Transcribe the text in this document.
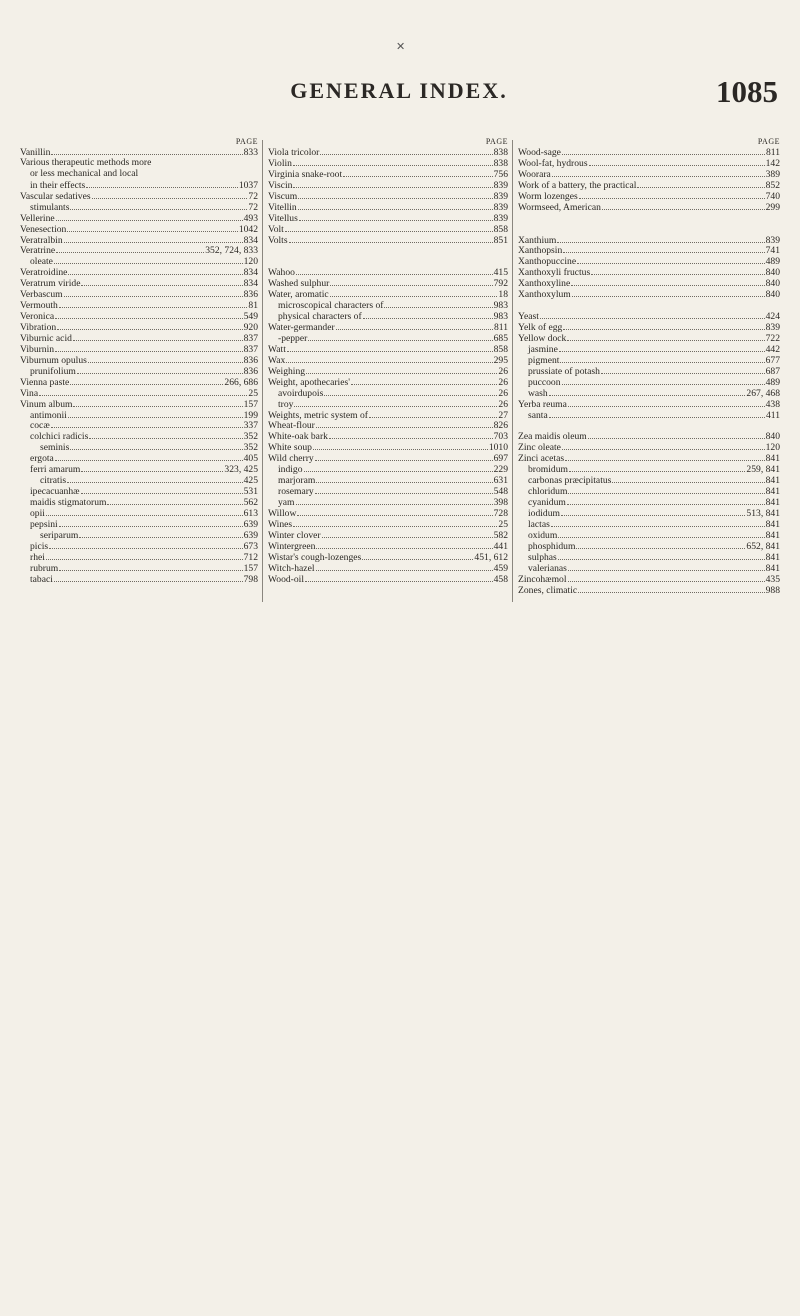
✕
GENERAL INDEX.	1085
PAGE
Vanillin	833
Various therapeutic methods more
or less mechanical and local
in their effects	1037
Vascular sedatives	72
stimulants	72
Vellerine	493
Venesection	1042
Veratralbin	834
Veratrine	352, 724, 833
oleate	120
Veratroidine	834
Veratrum viride	834
Verbascum	836
Vermouth	81
Veronica	549
Vibration	920
Viburnic acid	837
Viburnin	837
Viburnum opulus	836
prunifolium	836
Vienna paste	266, 686
Vina	25
Vinum album	157
antimonii	199
cocæ	337
colchici radicis	352
seminis	352
ergota	405
ferri amarum	323, 425
citratis	425
ipecacuanhæ	531
maidis stigmatorum	562
opii	613
pepsini	639
seriparum	639
picis	673
rhei	712
rubrum	157
tabaci	798
PAGE
Viola tricolor	838
Violin	838
Virginia snake-root	756
Viscin	839
Viscum	839
Vitellin	839
Vitellus	839
Volt	858
Volts	851
Wahoo	415
Washed sulphur	792
Water, aromatic	18
microscopical characters of	983
physical characters of	983
Water-germander	811
-pepper	685
Watt	858
Wax	295
Weighing	26
Weight, apothecaries'	26
avoirdupois	26
troy	26
Weights, metric system of	27
Wheat-flour	826
White-oak bark	703
White soup	1010
Wild cherry	697
indigo	229
marjoram	631
rosemary	548
yam	398
Willow	728
Wines	25
Winter clover	582
Wintergreen	441
Wistar's cough-lozenges	451, 612
Witch-hazel	459
Wood-oil	458
PAGE
Wood-sage	811
Wool-fat, hydrous	142
Woorara	389
Work of a battery, the practical	852
Worm lozenges	740
Wormseed, American	299
Xanthium	839
Xanthopsin	741
Xanthopuccine	489
Xanthoxyli fructus	840
Xanthoxyline	840
Xanthoxylum	840
Yeast	424
Yelk of egg	839
Yellow dock	722
jasmine	442
pigment	677
prussiate of potash	687
puccoon	489
wash	267, 468
Yerba reuma	438
santa	411
Zea maidis oleum	840
Zinc oleate	120
Zinci acetas	841
bromidum	259, 841
carbonas præcipitatus	841
chloridum	841
cyanidum	841
iodidum	513, 841
lactas	841
oxidum	841
phosphidum	652, 841
sulphas	841
valerianas	841
Zincohæmol	435
Zones, climatic	988
